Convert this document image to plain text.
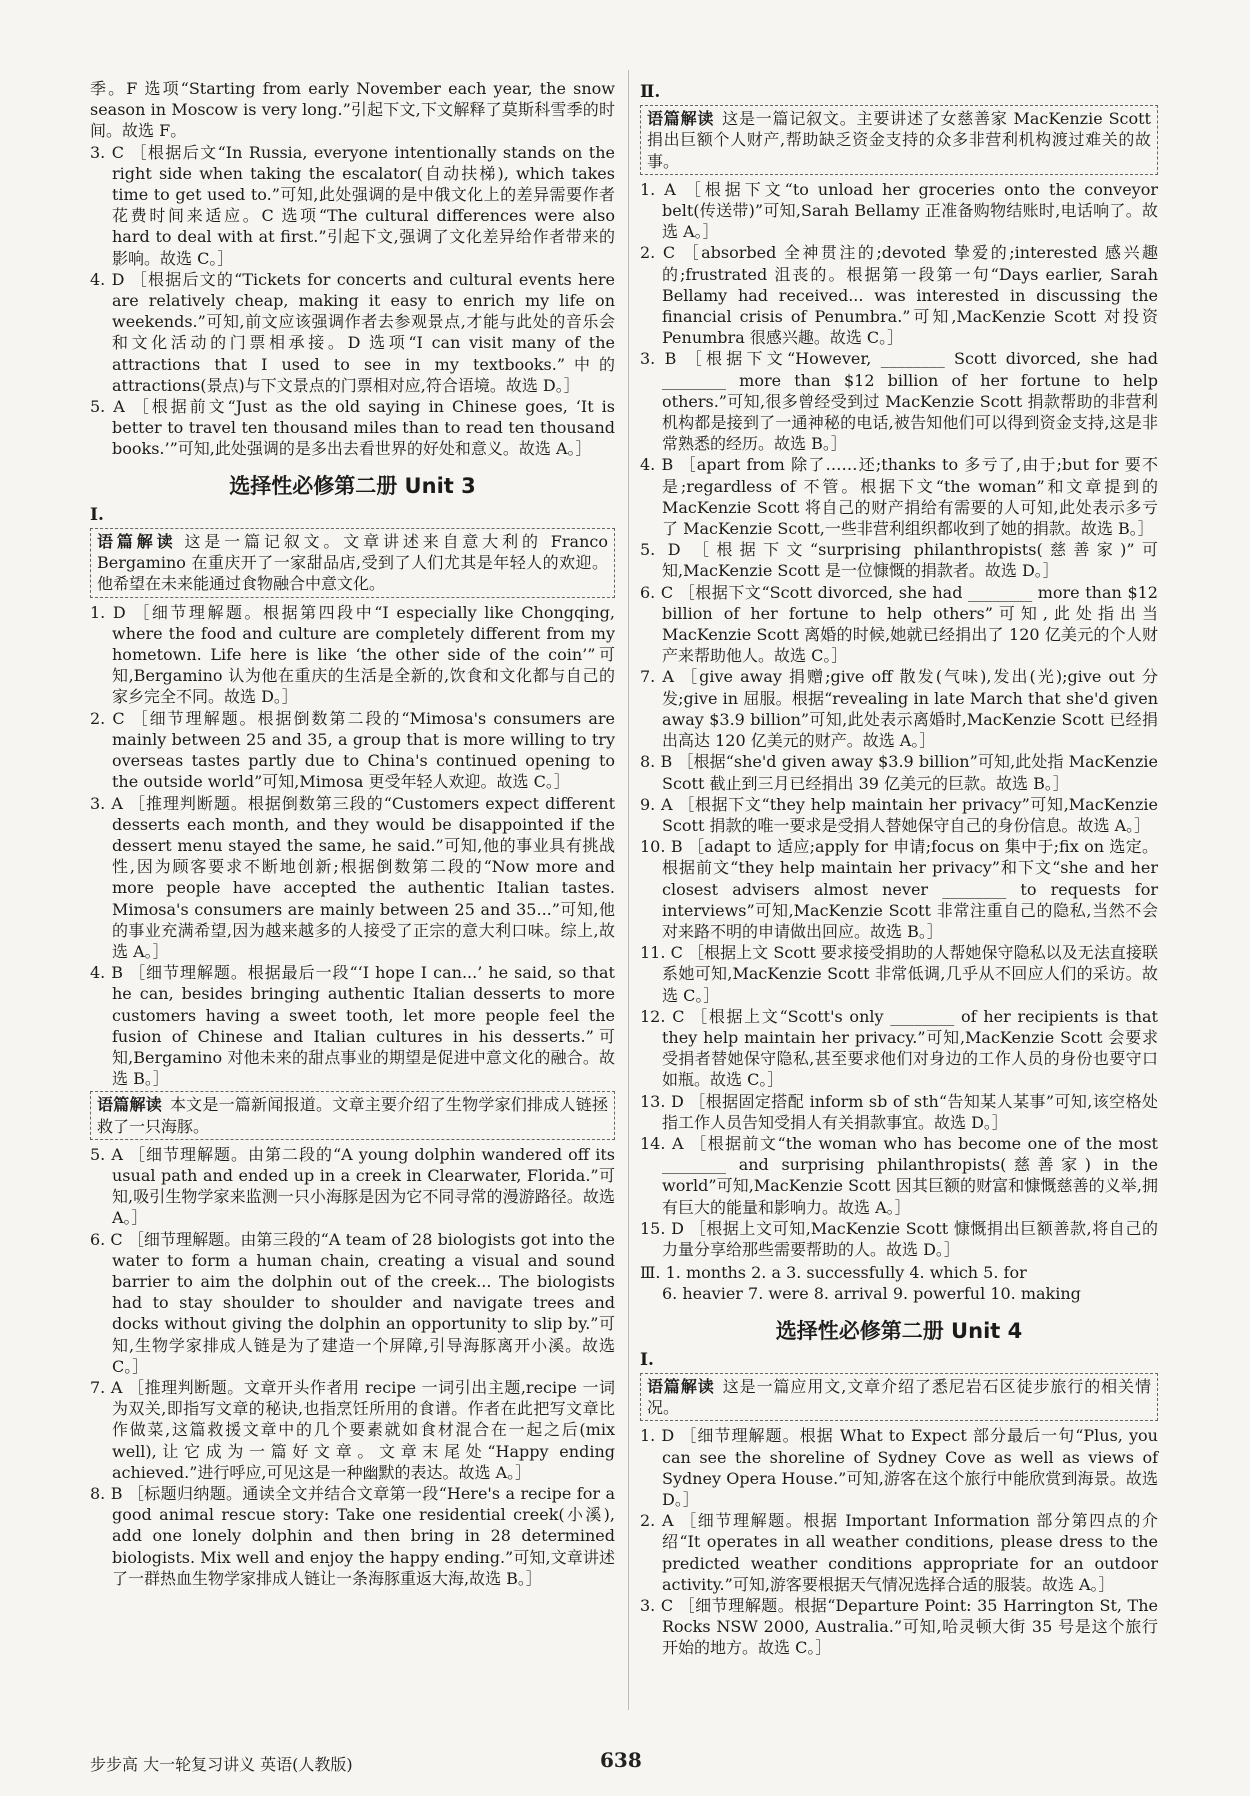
季。F 选项“Starting from early November each year, the snow season in Moscow is very long.”引起下文,下文解释了莫斯科雪季的时间。故选 F。
3. C ［根据后文“In Russia, everyone intentionally stands on the right side when taking the escalator(自动扶梯), which takes time to get used to.”可知,此处强调的是中俄文化上的差异需要作者花费时间来适应。C 选项“The cultural differences were also hard to deal with at first.”引起下文,强调了文化差异给作者带来的影响。故选 C。］
4. D ［根据后文的“Tickets for concerts and cultural events here are relatively cheap, making it easy to enrich my life on weekends.”可知,前文应该强调作者去参观景点,才能与此处的音乐会和文化活动的门票相承接。D 选项“I can visit many of the attractions that I used to see in my textbooks.”中的 attractions(景点)与下文景点的门票相对应,符合语境。故选 D。］
5. A ［根据前文“Just as the old saying in Chinese goes, ‘It is better to travel ten thousand miles than to read ten thousand books.’”可知,此处强调的是多出去看世界的好处和意义。故选 A。］
选择性必修第二册 Unit 3
Ⅰ.
语篇解读 这是一篇记叙文。文章讲述来自意大利的 Franco Bergamino 在重庆开了一家甜品店,受到了人们尤其是年轻人的欢迎。他希望在未来能通过食物融合中意文化。
1. D ［细节理解题。根据第四段中“I especially like Chongqing, where the food and culture are completely different from my hometown. Life here is like ‘the other side of the coin’”可知,Bergamino 认为他在重庆的生活是全新的,饮食和文化都与自己的家乡完全不同。故选 D。］
2. C ［细节理解题。根据倒数第二段的“Mimosa's consumers are mainly between 25 and 35, a group that is more willing to try overseas tastes partly due to China's continued opening to the outside world”可知,Mimosa 更受年轻人欢迎。故选 C。］
3. A ［推理判断题。根据倒数第三段的“Customers expect different desserts each month, and they would be disappointed if the dessert menu stayed the same, he said.”可知,他的事业具有挑战性,因为顾客要求不断地创新;根据倒数第二段的“Now more and more people have accepted the authentic Italian tastes. Mimosa's consumers are mainly between 25 and 35...”可知,他的事业充满希望,因为越来越多的人接受了正宗的意大利口味。综上,故选 A。］
4. B ［细节理解题。根据最后一段“‘I hope I can...’ he said, so that he can, besides bringing authentic Italian desserts to more customers having a sweet tooth, let more people feel the fusion of Chinese and Italian cultures in his desserts.”可知,Bergamino 对他未来的甜点事业的期望是促进中意文化的融合。故选 B。］
语篇解读 本文是一篇新闻报道。文章主要介绍了生物学家们排成人链拯救了一只海豚。
5. A ［细节理解题。由第二段的“A young dolphin wandered off its usual path and ended up in a creek in Clearwater, Florida.”可知,吸引生物学家来监测一只小海豚是因为它不同寻常的漫游路径。故选 A。］
6. C ［细节理解题。由第三段的“A team of 28 biologists got into the water to form a human chain, creating a visual and sound barrier to aim the dolphin out of the creek... The biologists had to stay shoulder to shoulder and navigate trees and docks without giving the dolphin an opportunity to slip by.”可知,生物学家排成人链是为了建造一个屏障,引导海豚离开小溪。故选 C。］
7. A ［推理判断题。文章开头作者用 recipe 一词引出主题,recipe 一词为双关,即指写文章的秘诀,也指烹饪所用的食谱。作者在此把写文章比作做菜,这篇救援文章中的几个要素就如食材混合在一起之后(mix well),让它成为一篇好文章。文章末尾处“Happy ending achieved.”进行呼应,可见这是一种幽默的表达。故选 A。］
8. B ［标题归纳题。通读全文并结合文章第一段“Here's a recipe for a good animal rescue story: Take one residential creek(小溪), add one lonely dolphin and then bring in 28 determined biologists. Mix well and enjoy the happy ending.”可知,文章讲述了一群热血生物学家排成人链让一条海豚重返大海,故选 B。］
Ⅱ.
语篇解读 这是一篇记叙文。主要讲述了女慈善家 MacKenzie Scott 捐出巨额个人财产,帮助缺乏资金支持的众多非营利机构渡过难关的故事。
1. A ［根据下文“to unload her groceries onto the conveyor belt(传送带)”可知,Sarah Bellamy 正准备购物结账时,电话响了。故选 A。］
2. C ［absorbed 全神贯注的;devoted 挚爱的;interested 感兴趣的;frustrated 沮丧的。根据第一段第一句“Days earlier, Sarah Bellamy had received... was interested in discussing the financial crisis of Penumbra.”可知,MacKenzie Scott 对投资 Penumbra 很感兴趣。故选 C。］
3. B ［根据下文“However, ________ Scott divorced, she had ________ more than $12 billion of her fortune to help others.”可知,很多曾经受到过 MacKenzie Scott 捐款帮助的非营利机构都是接到了一通神秘的电话,被告知他们可以得到资金支持,这是非常熟悉的经历。故选 B。］
4. B ［apart from 除了……还;thanks to 多亏了,由于;but for 要不是;regardless of 不管。根据下文“the woman”和文章提到的 MacKenzie Scott 将自己的财产捐给有需要的人可知,此处表示多亏了 MacKenzie Scott,一些非营利组织都收到了她的捐款。故选 B。］
5. D ［根据下文“surprising philanthropists(慈善家)”可知,MacKenzie Scott 是一位慷慨的捐款者。故选 D。］
6. C ［根据下文“Scott divorced, she had ________ more than $12 billion of her fortune to help others”可知,此处指出当 MacKenzie Scott 离婚的时候,她就已经捐出了 120 亿美元的个人财产来帮助他人。故选 C。］
7. A ［give away 捐赠;give off 散发(气味),发出(光);give out 分发;give in 屈服。根据“revealing in late March that she'd given away $3.9 billion”可知,此处表示离婚时,MacKenzie Scott 已经捐出高达 120 亿美元的财产。故选 A。］
8. B ［根据“she'd given away $3.9 billion”可知,此处指 MacKenzie Scott 截止到三月已经捐出 39 亿美元的巨款。故选 B。］
9. A ［根据下文“they help maintain her privacy”可知,MacKenzie Scott 捐款的唯一要求是受捐人替她保守自己的身份信息。故选 A。］
10. B ［adapt to 适应;apply for 申请;focus on 集中于;fix on 选定。根据前文“they help maintain her privacy”和下文“she and her closest advisers almost never ________ to requests for interviews”可知,MacKenzie Scott 非常注重自己的隐私,当然不会对来路不明的申请做出回应。故选 B。］
11. C ［根据上文 Scott 要求接受捐助的人帮她保守隐私以及无法直接联系她可知,MacKenzie Scott 非常低调,几乎从不回应人们的采访。故选 C。］
12. C ［根据上文“Scott's only ________ of her recipients is that they help maintain her privacy.”可知,MacKenzie Scott 会要求受捐者替她保守隐私,甚至要求他们对身边的工作人员的身份也要守口如瓶。故选 C。］
13. D ［根据固定搭配 inform sb of sth“告知某人某事”可知,该空格处指工作人员告知受捐人有关捐款事宜。故选 D。］
14. A ［根据前文“the woman who has become one of the most ________ and surprising philanthropists(慈善家) in the world”可知,MacKenzie Scott 因其巨额的财富和慷慨慈善的义举,拥有巨大的能量和影响力。故选 A。］
15. D ［根据上文可知,MacKenzie Scott 慷慨捐出巨额善款,将自己的力量分享给那些需要帮助的人。故选 D。］
Ⅲ. 1. months 2. a 3. successfully 4. which 5. for
6. heavier 7. were 8. arrival 9. powerful 10. making
选择性必修第二册 Unit 4
Ⅰ.
语篇解读 这是一篇应用文,文章介绍了悉尼岩石区徒步旅行的相关情况。
1. D ［细节理解题。根据 What to Expect 部分最后一句“Plus, you can see the shoreline of Sydney Cove as well as views of Sydney Opera House.”可知,游客在这个旅行中能欣赏到海景。故选 D。］
2. A ［细节理解题。根据 Important Information 部分第四点的介绍“It operates in all weather conditions, please dress to the predicted weather conditions appropriate for an outdoor activity.”可知,游客要根据天气情况选择合适的服装。故选 A。］
3. C ［细节理解题。根据“Departure Point: 35 Harrington St, The Rocks NSW 2000, Australia.”可知,哈灵顿大街 35 号是这个旅行开始的地方。故选 C。］
步步高 大一轮复习讲义 英语(人教版)	638
